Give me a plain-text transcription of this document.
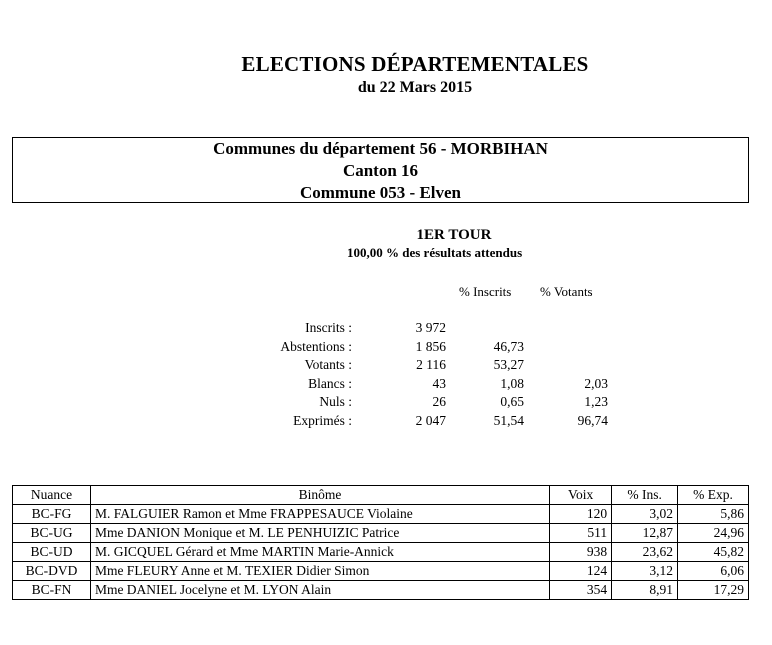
ELECTIONS DÉPARTEMENTALES
du 22 Mars 2015
Communes du département 56 - MORBIHAN
Canton 16
Commune 053 - Elven
1ER TOUR
100,00 % des résultats attendus
% Inscrits % Votants
Inscrits :	3 972
Abstentions :	1 856	46,73
Votants :	2 116	53,27
Blancs :	43	1,08	2,03
Nuls :	26	0,65	1,23
Exprimés :	2 047	51,54	96,74
Nuance	Binôme	Voix	% Ins.	% Exp.
BC-FG	M. FALGUIER Ramon et Mme FRAPPESAUCE Violaine	120	3,02	5,86
BC-UG	Mme DANION Monique et M. LE PENHUIZIC Patrice	511	12,87	24,96
BC-UD	M. GICQUEL Gérard et Mme MARTIN Marie-Annick	938	23,62	45,82
BC-DVD	Mme FLEURY Anne et M. TEXIER Didier Simon	124	3,12	6,06
BC-FN	Mme DANIEL Jocelyne et M. LYON Alain	354	8,91	17,29
